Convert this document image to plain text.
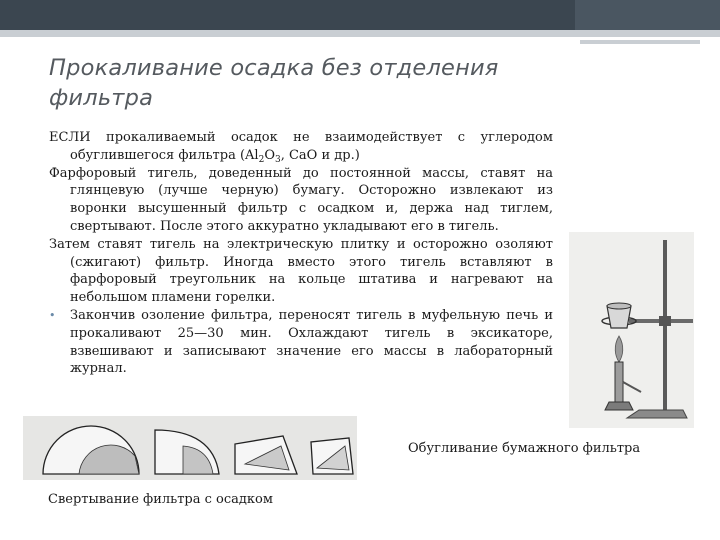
Прокаливание осадка без отделения фильтра

ЕСЛИ прокаливаемый осадок не взаимодействует с углеродом обуглившегося фильтра ($Al_2O_3$, CaO и др.)

Фарфоровый тигель, доведенный до постоянной массы, ставят на глянцевую (лучше черную) бумагу. Осторожно извлекают из воронки высушенный фильтр с осадком и, держа над тиглем, свертывают. После этого аккуратно укладывают его в тигель.

Затем ставят тигель на электрическую плитку и осторожно озоляют (сжигают) фильтр. Иногда вместо этого тигель вставляют в фарфоровый треугольник на кольце штатива и нагревают на небольшом пламени горелки.

• Закончив озоление фильтра, переносят тигель в муфельную печь и прокаливают 25—30 мин. Охлаждают тигель в эксикаторе, взвешивают и записывают значение его массы в лабораторный журнал.

Обугливание бумажного фильтра
Свертывание фильтра с осадком
